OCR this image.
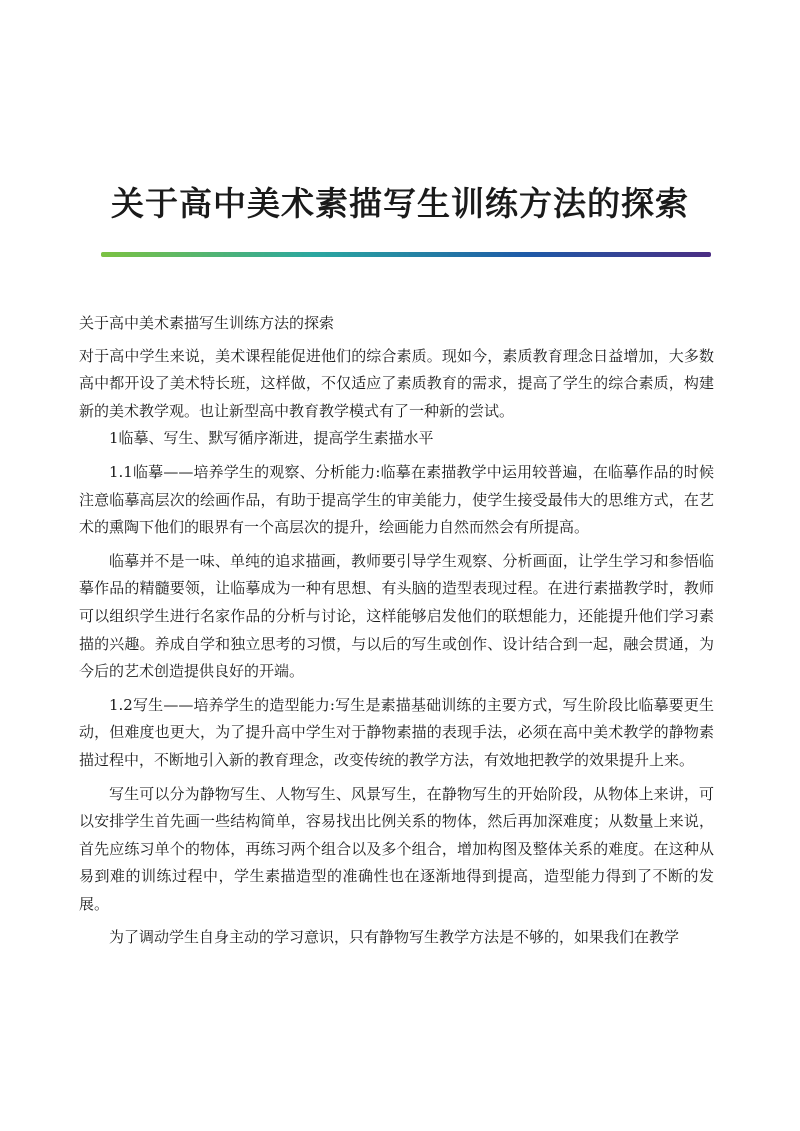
关于高中美术素描写生训练方法的探索

关于高中美术素描写生训练方法的探索

对于高中学生来说，美术课程能促进他们的综合素质。现如今，素质教育理念日益增加，大多数高中都开设了美术特长班，这样做，不仅适应了素质教育的需求，提高了学生的综合素质，构建新的美术教学观。也让新型高中教育教学模式有了一种新的尝试。

1临摹、写生、默写循序渐进，提高学生素描水平

1.1临摹——培养学生的观察、分析能力:临摹在素描教学中运用较普遍，在临摹作品的时候注意临摹高层次的绘画作品，有助于提高学生的审美能力，使学生接受最伟大的思维方式，在艺术的熏陶下他们的眼界有一个高层次的提升，绘画能力自然而然会有所提高。

临摹并不是一味、单纯的追求描画，教师要引导学生观察、分析画面，让学生学习和参悟临摹作品的精髓要领，让临摹成为一种有思想、有头脑的造型表现过程。在进行素描教学时，教师可以组织学生进行名家作品的分析与讨论，这样能够启发他们的联想能力，还能提升他们学习素描的兴趣。养成自学和独立思考的习惯，与以后的写生或创作、设计结合到一起，融会贯通，为今后的艺术创造提供良好的开端。

1.2写生——培养学生的造型能力:写生是素描基础训练的主要方式，写生阶段比临摹要更生动，但难度也更大，为了提升高中学生对于静物素描的表现手法，必须在高中美术教学的静物素描过程中，不断地引入新的教育理念，改变传统的教学方法，有效地把教学的效果提升上来。

写生可以分为静物写生、人物写生、风景写生，在静物写生的开始阶段，从物体上来讲，可以安排学生首先画一些结构简单，容易找出比例关系的物体，然后再加深难度；从数量上来说，首先应练习单个的物体，再练习两个组合以及多个组合，增加构图及整体关系的难度。在这种从易到难的训练过程中，学生素描造型的准确性也在逐渐地得到提高，造型能力得到了不断的发展。

为了调动学生自身主动的学习意识，只有静物写生教学方法是不够的，如果我们在教学
